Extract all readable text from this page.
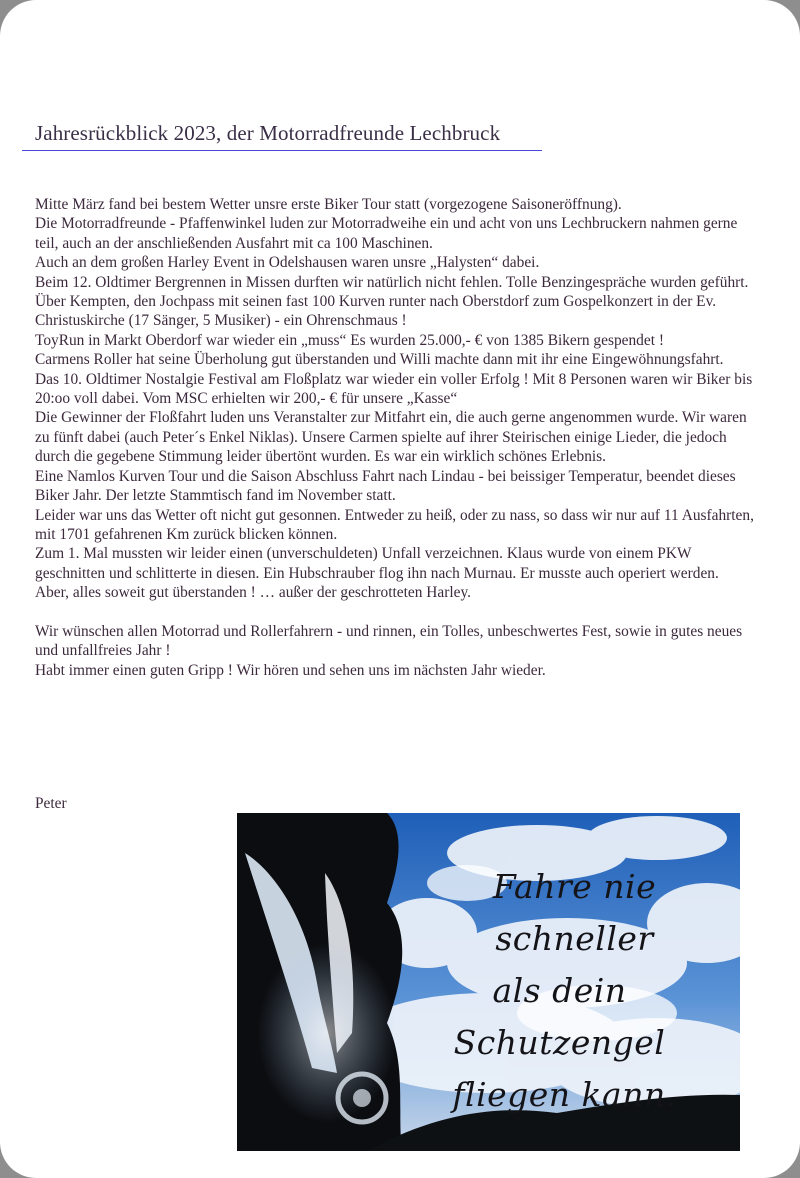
Jahresrückblick 2023, der Motorradfreunde Lechbruck

Mitte März fand bei bestem Wetter unsre erste Biker Tour statt (vorgezogene Saisoneröffnung).

Die Motorradfreunde - Pfaffenwinkel luden zur Motorradweihe ein und acht von uns Lechbruckern nahmen gerne teil, auch an der anschließenden Ausfahrt mit ca 100 Maschinen.

Auch an dem großen Harley Event in Odelshausen waren unsre „Halysten“ dabei.

Beim 12. Oldtimer Bergrennen in Missen durften wir natürlich nicht fehlen. Tolle Benzingespräche wurden geführt.

Über Kempten, den Jochpass mit seinen fast 100 Kurven runter nach Oberstdorf zum Gospelkonzert in der Ev. Christuskirche (17 Sänger, 5 Musiker) - ein Ohrenschmaus !

ToyRun in Markt Oberdorf war wieder ein „muss“ Es wurden 25.000,- € von 1385 Bikern gespendet !

Carmens Roller hat seine Überholung gut überstanden und Willi machte dann mit ihr eine Eingewöhnungsfahrt.

Das 10. Oldtimer Nostalgie Festival am Floßplatz war wieder ein voller Erfolg ! Mit 8 Personen waren wir Biker bis 20:oo voll dabei. Vom MSC erhielten wir 200,- € für unsere „Kasse“

Die Gewinner der Floßfahrt luden uns Veranstalter zur Mitfahrt ein, die auch gerne angenommen wurde. Wir waren zu fünft dabei (auch Peter´s Enkel Niklas). Unsere Carmen spielte auf ihrer Steirischen einige Lieder, die jedoch durch die gegebene Stimmung leider übertönt wurden. Es war ein wirklich schönes Erlebnis.

Eine Namlos Kurven Tour und die Saison Abschluss Fahrt nach Lindau - bei beissiger Temperatur, beendet dieses Biker Jahr. Der letzte Stammtisch fand im November statt.

Leider war uns das Wetter oft nicht gut gesonnen. Entweder zu heiß, oder zu nass, so dass wir nur auf 11 Ausfahrten, mit 1701 gefahrenen Km zurück blicken können.

Zum 1. Mal mussten wir leider einen (unverschuldeten) Unfall verzeichnen. Klaus wurde von einem PKW geschnitten und schlitterte in diesen. Ein Hubschrauber flog ihn nach Murnau. Er musste auch operiert werden. Aber, alles soweit gut überstanden ! … außer der geschrotteten Harley.

Wir wünschen allen Motorrad und Rollerfahrern - und rinnen, ein Tolles, unbeschwertes Fest, sowie in gutes neues und unfallfreies Jahr !

Habt immer einen guten Gripp ! Wir hören und sehen uns im nächsten Jahr wieder.

Peter
Fahre nie schneller
als dein Schutzengel
fliegen kann.
